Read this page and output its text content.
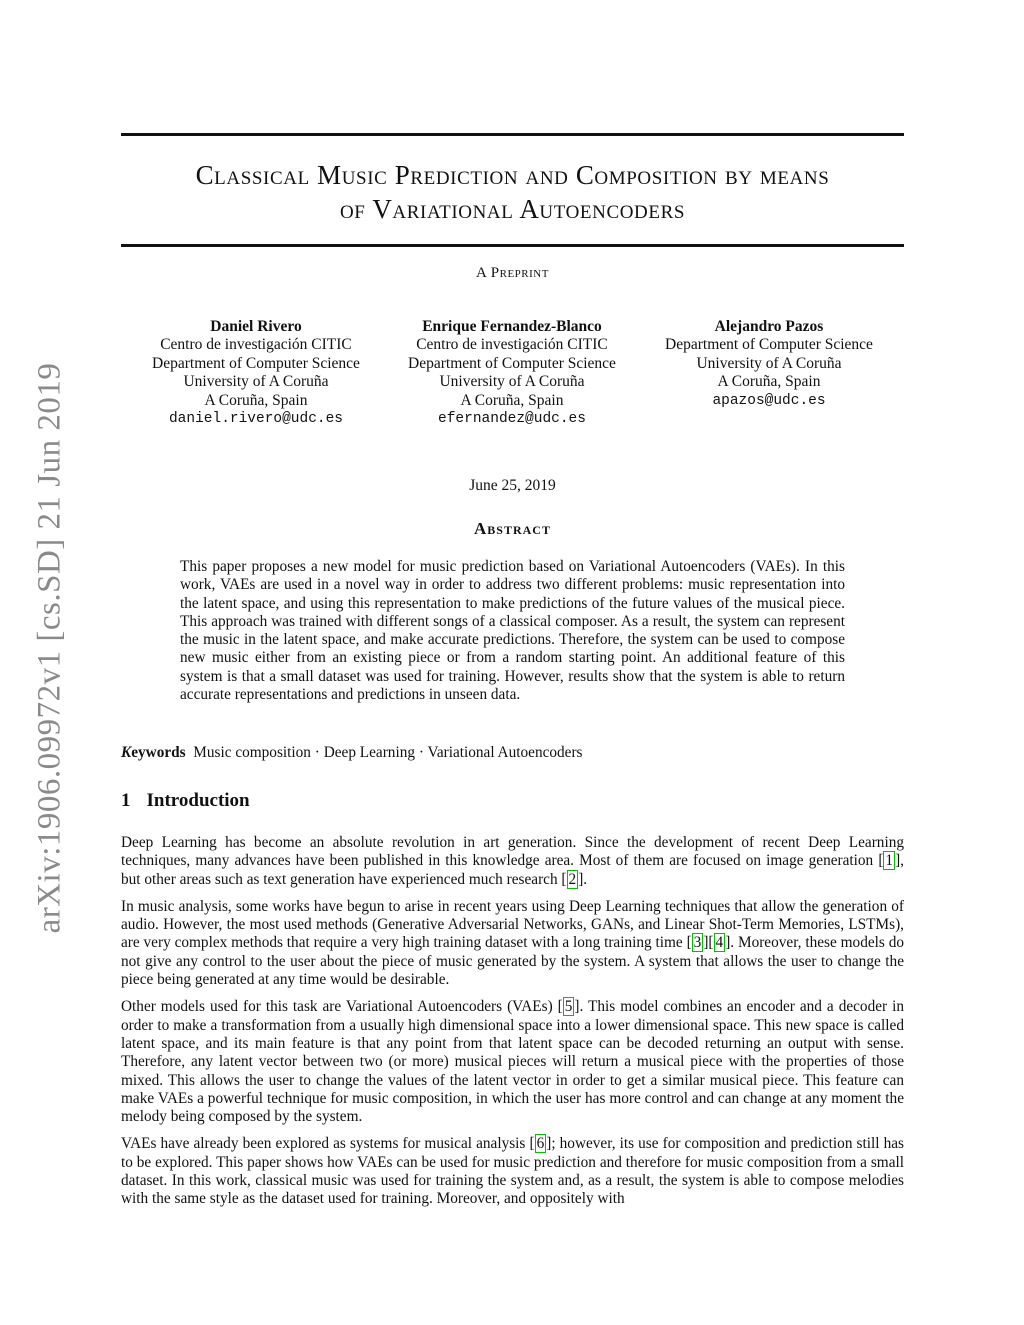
arXiv:1906.09972v1 [cs.SD] 21 Jun 2019
Classical Music Prediction and Composition by means
of Variational Autoencoders
A Preprint
Daniel Rivero
Centro de investigación CITIC
Department of Computer Science
University of A Coruña
A Coruña, Spain
daniel.rivero@udc.es
Enrique Fernandez-Blanco
Centro de investigación CITIC
Department of Computer Science
University of A Coruña
A Coruña, Spain
efernandez@udc.es
Alejandro Pazos
Department of Computer Science
University of A Coruña
A Coruña, Spain
apazos@udc.es
June 25, 2019
Abstract
This paper proposes a new model for music prediction based on Variational Autoencoders (VAEs). In this work, VAEs are used in a novel way in order to address two different problems: music representation into the latent space, and using this representation to make predictions of the future values of the musical piece. This approach was trained with different songs of a classical composer. As a result, the system can represent the music in the latent space, and make accurate predictions. Therefore, the system can be used to compose new music either from an existing piece or from a random starting point. An additional feature of this system is that a small dataset was used for training. However, results show that the system is able to return accurate representations and predictions in unseen data.
Keywords Music composition · Deep Learning · Variational Autoencoders
1 Introduction

Deep Learning has become an absolute revolution in art generation. Since the development of recent Deep Learning techniques, many advances have been published in this knowledge area. Most of them are focused on image generation [ 1 ], but other areas such as text generation have experienced much research [ 2 ].

In music analysis, some works have begun to arise in recent years using Deep Learning techniques that allow the generation of audio. However, the most used methods (Generative Adversarial Networks, GANs, and Linear Shot-Term Memories, LSTMs), are very complex methods that require a very high training dataset with a long training time [ 3 ][ 4 ]. Moreover, these models do not give any control to the user about the piece of music generated by the system. A system that allows the user to change the piece being generated at any time would be desirable.

Other models used for this task are Variational Autoencoders (VAEs) [ 5 ]. This model combines an encoder and a decoder in order to make a transformation from a usually high dimensional space into a lower dimensional space. This new space is called latent space, and its main feature is that any point from that latent space can be decoded returning an output with sense. Therefore, any latent vector between two (or more) musical pieces will return a musical piece with the properties of those mixed. This allows the user to change the values of the latent vector in order to get a similar musical piece. This feature can make VAEs a powerful technique for music composition, in which the user has more control and can change at any moment the melody being composed by the system.

VAEs have already been explored as systems for musical analysis [ 6 ]; however, its use for composition and prediction still has to be explored. This paper shows how VAEs can be used for music prediction and therefore for music composition from a small dataset. In this work, classical music was used for training the system and, as a result, the system is able to compose melodies with the same style as the dataset used for training. Moreover, and oppositely with
